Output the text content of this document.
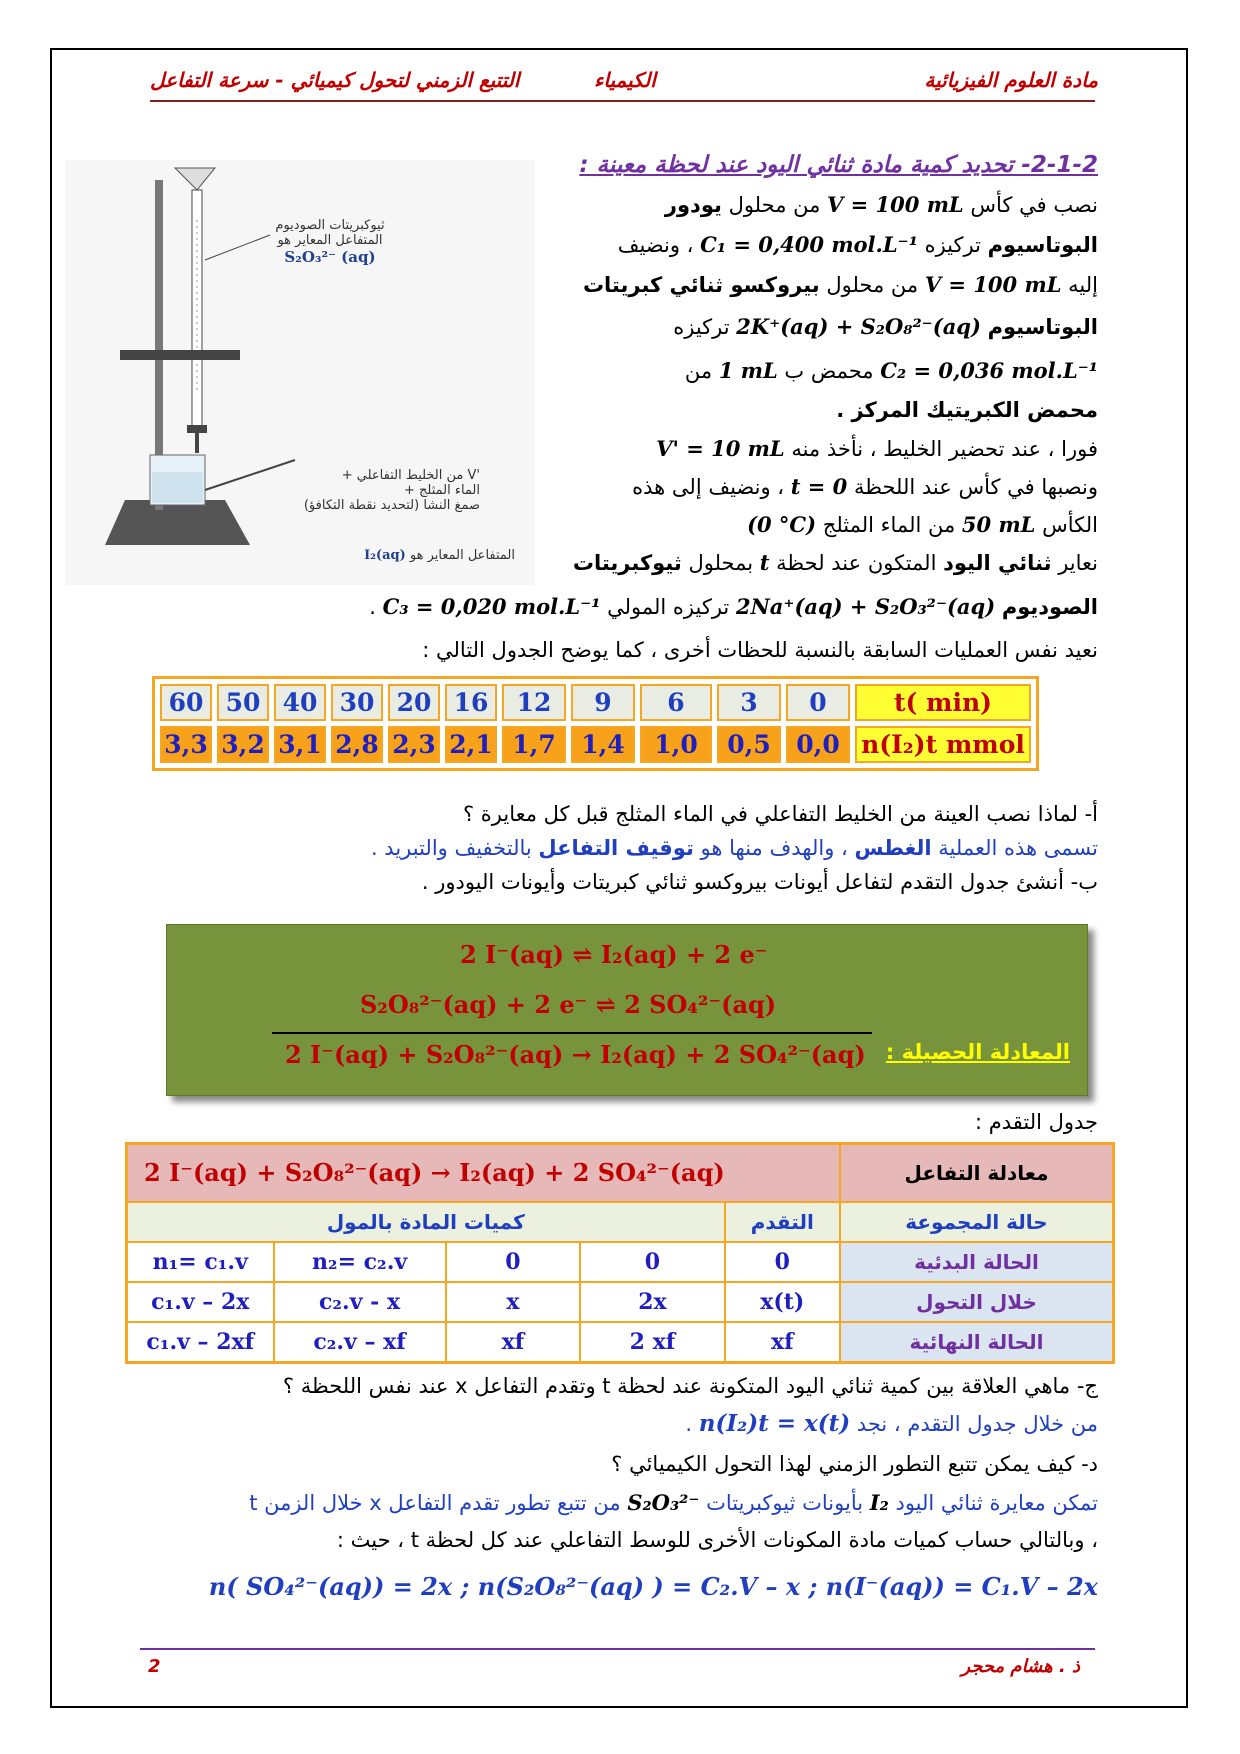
مادة العلوم الفيزيائية
الكيمياء
التتبع الزمني لتحول كيميائي - سرعة التفاعل
2-1-2- تحديد كمية مادة ثنائي اليود عند لحظة معينة :
ثيوكبريتات الصوديوم
المتفاعل المعاير هو
S₂O₃²⁻ (aq)
'V من الخليط التفاعلي +
الماء المثلج +
صمغ النشا (لتحديد نقطة التكافؤ)
المتفاعل المعاير هو I₂(aq)
نصب في كأس V = 100 mL من محلول يودور
البوتاسيوم تركيزه C₁ = 0,400 mol.L⁻¹ ، ونضيف
إليه V = 100 mL من محلول بيروكسو ثنائي كبريتات
البوتاسيوم 2K⁺(aq) + S₂O₈²⁻(aq) تركيزه
C₂ = 0,036 mol.L⁻¹ محمض ب 1 mL من
محمض الكبريتيك المركز .
فورا ، عند تحضير الخليط ، نأخذ منه V' = 10 mL
ونصبها في كأس عند اللحظة t = 0 ، ونضيف إلى هذه
الكأس 50 mL من الماء المثلج (0 °C)
نعاير ثنائي اليود المتكون عند لحظة t بمحلول ثيوكبريتات
الصوديوم 2Na⁺(aq) + S₂O₃²⁻(aq) تركيزه المولي C₃ = 0,020 mol.L⁻¹ .
نعيد نفس العمليات السابقة بالنسبة للحظات أخرى ، كما يوضح الجدول التالي :
60	50	40	30	20	16	12	9	6	3	0	t( min)
3,3	3,2	3,1	2,8	2,3	2,1	1,7	1,4	1,0	0,5	0,0	n(I₂)t mmol
أ- لماذا نصب العينة من الخليط التفاعلي في الماء المثلج قبل كل معايرة ؟
تسمى هذه العملية الغطس ، والهدف منها هو توقيف التفاعل بالتخفيف والتبريد .
ب- أنشئ جدول التقدم لتفاعل أيونات بيروكسو ثنائي كبريتات وأيونات اليودور .
2 I⁻(aq) ⇌ I₂(aq) + 2 e⁻
S₂O₈²⁻(aq) + 2 e⁻ ⇌ 2 SO₄²⁻(aq)
2 I⁻(aq) + S₂O₈²⁻(aq) → I₂(aq) + 2 SO₄²⁻(aq) المعادلة الحصيلة :
جدول التقدم :
2 I⁻(aq) + S₂O₈²⁻(aq) → I₂(aq) + 2 SO₄²⁻(aq)					معادلة التفاعل
كميات المادة بالمول				التقدم	حالة المجموعة
n₁= c₁.v	n₂= c₂.v	0	0	0	الحالة البدئية
c₁.v – 2x	c₂.v - x	x	2x	x(t)	خلال التحول
c₁.v – 2xf	c₂.v – xf	xf	2 xf	xf	الحالة النهائية
ج- ماهي العلاقة بين كمية ثنائي اليود المتكونة عند لحظة t وتقدم التفاعل x عند نفس اللحظة ؟
من خلال جدول التقدم ، نجد n(I₂)t = x(t) .
د- كيف يمكن تتبع التطور الزمني لهذا التحول الكيميائي ؟
تمكن معايرة ثنائي اليود I₂ بأيونات ثيوكبريتات S₂O₃²⁻ من تتبع تطور تقدم التفاعل x خلال الزمن t
، وبالتالي حساب كميات مادة المكونات الأخرى للوسط التفاعلي عند كل لحظة t ، حيث :
n( SO₄²⁻(aq)) = 2x ; n(S₂O₈²⁻(aq) ) = C₂.V – x ; n(I⁻(aq)) = C₁.V – 2x
ذ . هشام محجر
2
